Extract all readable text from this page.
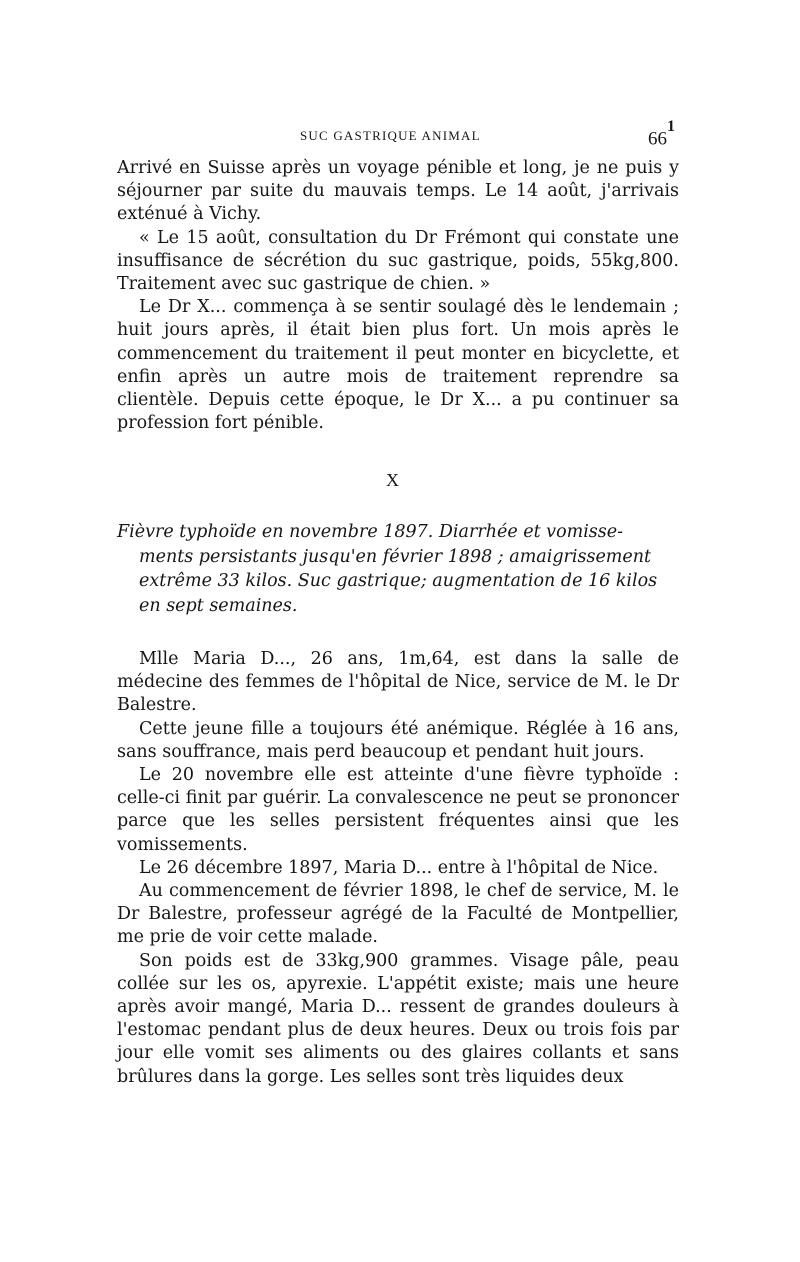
SUC GASTRIQUE ANIMAL	$66^1$

Arrivé en Suisse après un voyage pénible et long, je ne puis y séjourner par suite du mauvais temps. Le 14 août, j'arrivais exténué à Vichy.

« Le 15 août, consultation du Dr Frémont qui constate une insuffisance de sécrétion du suc gastrique, poids, 55kg,800. Traitement avec suc gastrique de chien. »

Le Dr X... commença à se sentir soulagé dès le lendemain ; huit jours après, il était bien plus fort. Un mois après le commencement du traitement il peut monter en bicyclette, et enfin après un autre mois de traitement reprendre sa clientèle. Depuis cette époque, le Dr X... a pu continuer sa profession fort pénible.

X
Fièvre typhoïde en novembre 1897. Diarrhée et vomisse-
ments persistants jusqu'en février 1898 ; amaigrissement
extrême 33 kilos. Suc gastrique; augmentation de 16 kilos
en sept semaines.

Mlle Maria D..., 26 ans, 1m,64, est dans la salle de médecine des femmes de l'hôpital de Nice, service de M. le Dr Balestre.

Cette jeune fille a toujours été anémique. Réglée à 16 ans, sans souffrance, mais perd beaucoup et pendant huit jours.

Le 20 novembre elle est atteinte d'une fièvre typhoïde : celle-ci finit par guérir. La convalescence ne peut se prononcer parce que les selles persistent fréquentes ainsi que les vomissements.

Le 26 décembre 1897, Maria D... entre à l'hôpital de Nice.

Au commencement de février 1898, le chef de service, M. le Dr Balestre, professeur agrégé de la Faculté de Montpellier, me prie de voir cette malade.

Son poids est de 33kg,900 grammes. Visage pâle, peau collée sur les os, apyrexie. L'appétit existe; mais une heure après avoir mangé, Maria D... ressent de grandes douleurs à l'estomac pendant plus de deux heures. Deux ou trois fois par jour elle vomit ses aliments ou des glaires collants et sans brûlures dans la gorge. Les selles sont très liquides deux
